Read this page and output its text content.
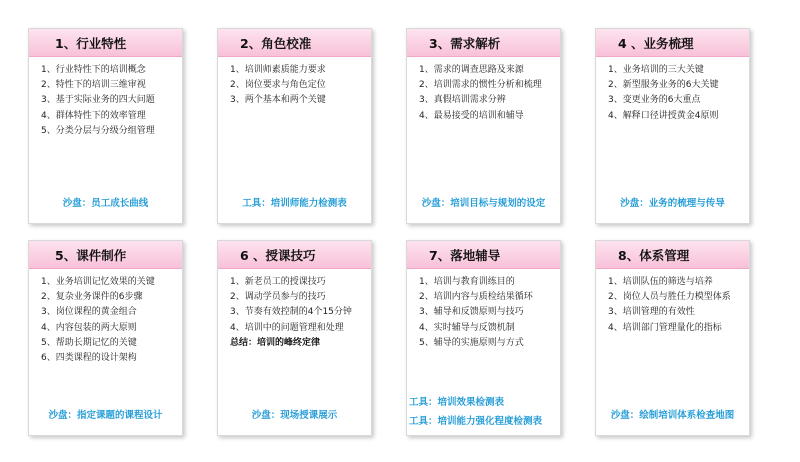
1、行业特性
1、行业特性下的培训概念
2、特性下的培训三维审视
3、基于实际业务的四大问题
4、群体特性下的效率管理
5、分类分层与分级分组管理
沙盘：员工成长曲线
2、角色校准
1、培训师素质能力要求
2、岗位要求与角色定位
3、两个基本和两个关键
工具：培训师能力检测表
3、需求解析
1、需求的调查思路及来源
2、培训需求的惯性分析和梳理
3、真假培训需求分辨
4、最易接受的培训和辅导
沙盘：培训目标与规划的设定
4 、业务梳理
1、业务培训的三大关键
2、新型服务业务的6大关键
3、变更业务的6大重点
4、解释口径讲授黄金4原则
沙盘：业务的梳理与传导
5、课件制作
1、业务培训记忆效果的关键
2、复杂业务课件的6步骤
3、岗位课程的黄金组合
4、内容包装的两大原则
5、帮助长期记忆的关键
6、四类课程的设计架构
沙盘：指定课题的课程设计
6 、授课技巧
1、新老员工的授课技巧
2、调动学员参与的技巧
3、节奏有效控制的4个15分钟
4、培训中的问题管理和处理
总结：培训的峰终定律
沙盘：现场授课展示
7、落地辅导
1、培训与教育训练目的
2、培训内容与质检结果循环
3、辅导和反馈原则与技巧
4、实时辅导与反馈机制
5、辅导的实施原则与方式
工具：培训效果检测表
工具：培训能力强化程度检测表
8、体系管理
1、培训队伍的筛选与培养
2、岗位人员与胜任力模型体系
3、培训管理的有效性
4、培训部门管理量化的指标
沙盘：绘制培训体系检查地图
